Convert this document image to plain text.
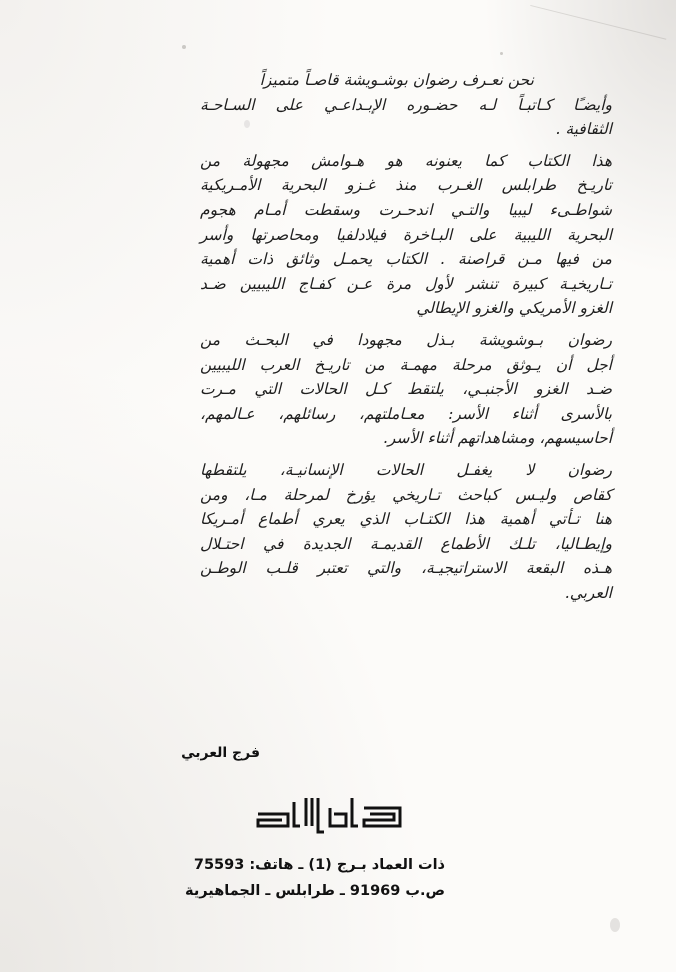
نحن نعـرف رضوان بوشـويشة قاصـاً متميزاً
وأيضـًا كـاتبـاً لـه حضـوره الإبـداعـي على السـاحـة
الثقافية .
هذا الكتاب كما يعنونه هو هـوامش مجهولة من
تاريـخ طرابلس الغـرب منذ غـزو البحرية الأمـريكية
شواطـىء ليبيا والتـي اندحـرت وسقطت أمـام هجوم
البحرية الليبية على البـاخرة فيلادلفيا ومحاصرتها وأسر
من فيها مـن قراصنة . الكتاب يحمـل وثائق ذات أهمية
تـاريخيـة كبيرة تنشر لأول مرة عـن كفـاج الليبيين ضـد
الغزو الأمريكي والغزو الإيطالي
رضوان بـوشويشة بـذل مجهودا في البحـث من
أجل أن يـوثق مرحلة مهمـة من تاريـخ العرب الليبيين
ضـد الغزو الأجنبـي، يلتقط كـل الحالات التي مـرت
بالأسرى أثناء الأسر: معـاملتهم، رسائلهم، عـالمهم،
أحاسيسهم، ومشاهداتهم أثناء الأسر.
رضوان لا يغفـل الحالات الإنسانيـة، يلتقطها
كقاص وليـس كباحث تـاريخي يؤرخ لمرحلة مـا، ومن
هنا تـأتي أهمية هذا الكتـاب الذي يعري أطماع أمـريكا
وإيطـاليا، تلـك الأطماع القديمـة الجديدة في احتـلال
هـذه البقعة الاستراتيجيـة، والتي تعتبر قلـب الوطـن
العربي.
فرج العربي
ذات العماد بـرج (1) ـ هاتف: 75593
ص.ب 91969 ـ طرابلس ـ الجماهيرية
